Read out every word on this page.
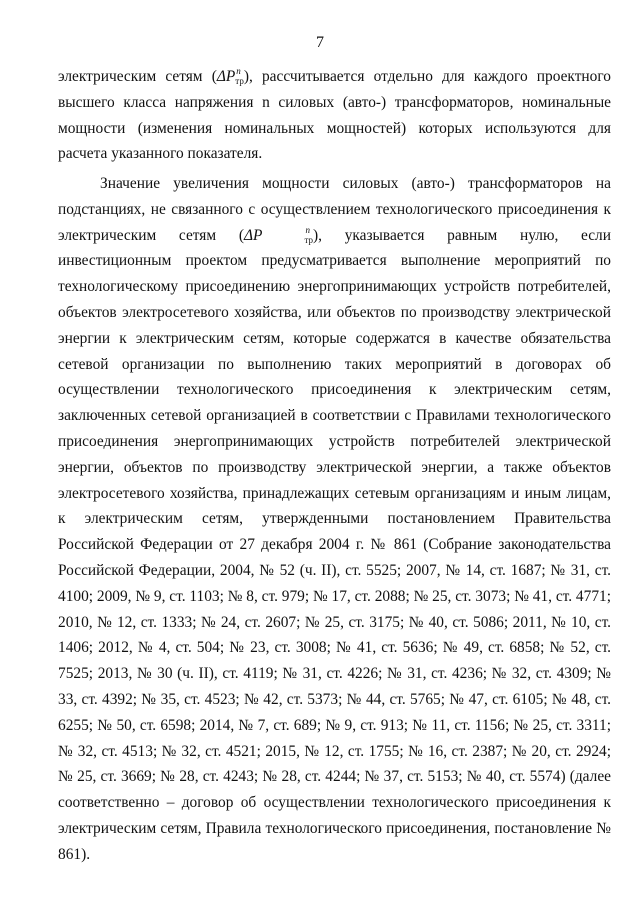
7
электрическим сетям (ΔP n
тр), рассчитывается отдельно для каждого проектного высшего класса напряжения n силовых (авто-) трансформаторов, номинальные мощности (изменения номинальных мощностей) которых используются для расчета указанного показателя.
Значение увеличения мощности силовых (авто-) трансформаторов на подстанциях, не связанного с осуществлением технологического присоединения к электрическим сетям (ΔP	n
тр), указывается равным нулю, если инвестиционным проектом предусматривается выполнение мероприятий по технологическому присоединению энергопринимающих устройств потребителей, объектов электросетевого хозяйства, или объектов по производству электрической энергии к электрическим сетям, которые содержатся в качестве обязательства сетевой организации по выполнению таких мероприятий в договорах об осуществлении технологического присоединения к электрическим сетям, заключенных сетевой организацией в соответствии с Правилами технологического присоединения энергопринимающих устройств потребителей электрической энергии, объектов по производству электрической энергии, а также объектов электросетевого хозяйства, принадлежащих сетевым организациям и иным лицам, к электрическим сетям, утвержденными постановлением Правительства Российской Федерации от 27 декабря 2004 г. № 861 (Собрание законодательства Российской Федерации, 2004, № 52 (ч. II), ст. 5525; 2007, № 14, ст. 1687; № 31, ст. 4100; 2009, № 9, ст. 1103; № 8, ст. 979; № 17, ст. 2088; № 25, ст. 3073; № 41, ст. 4771; 2010, № 12, ст. 1333; № 24, ст. 2607; № 25, ст. 3175; № 40, ст. 5086; 2011, № 10, ст. 1406; 2012, № 4, ст. 504; № 23, ст. 3008; № 41, ст. 5636; № 49, ст. 6858; № 52, ст. 7525; 2013, № 30 (ч. II), ст. 4119; № 31, ст. 4226; № 31, ст. 4236; № 32, ст. 4309; № 33, ст. 4392; № 35, ст. 4523; № 42, ст. 5373; № 44, ст. 5765; № 47, ст. 6105; № 48, ст. 6255; № 50, ст. 6598; 2014, № 7, ст. 689; № 9, ст. 913; № 11, ст. 1156; № 25, ст. 3311; № 32, ст. 4513; № 32, ст. 4521; 2015, № 12, ст. 1755; № 16, ст. 2387; № 20, ст. 2924; № 25, ст. 3669; № 28, ст. 4243; № 28, ст. 4244; № 37, ст. 5153; № 40, ст. 5574) (далее соответственно – договор об осуществлении технологического присоединения к электрическим сетям, Правила технологического присоединения, постановление № 861).
